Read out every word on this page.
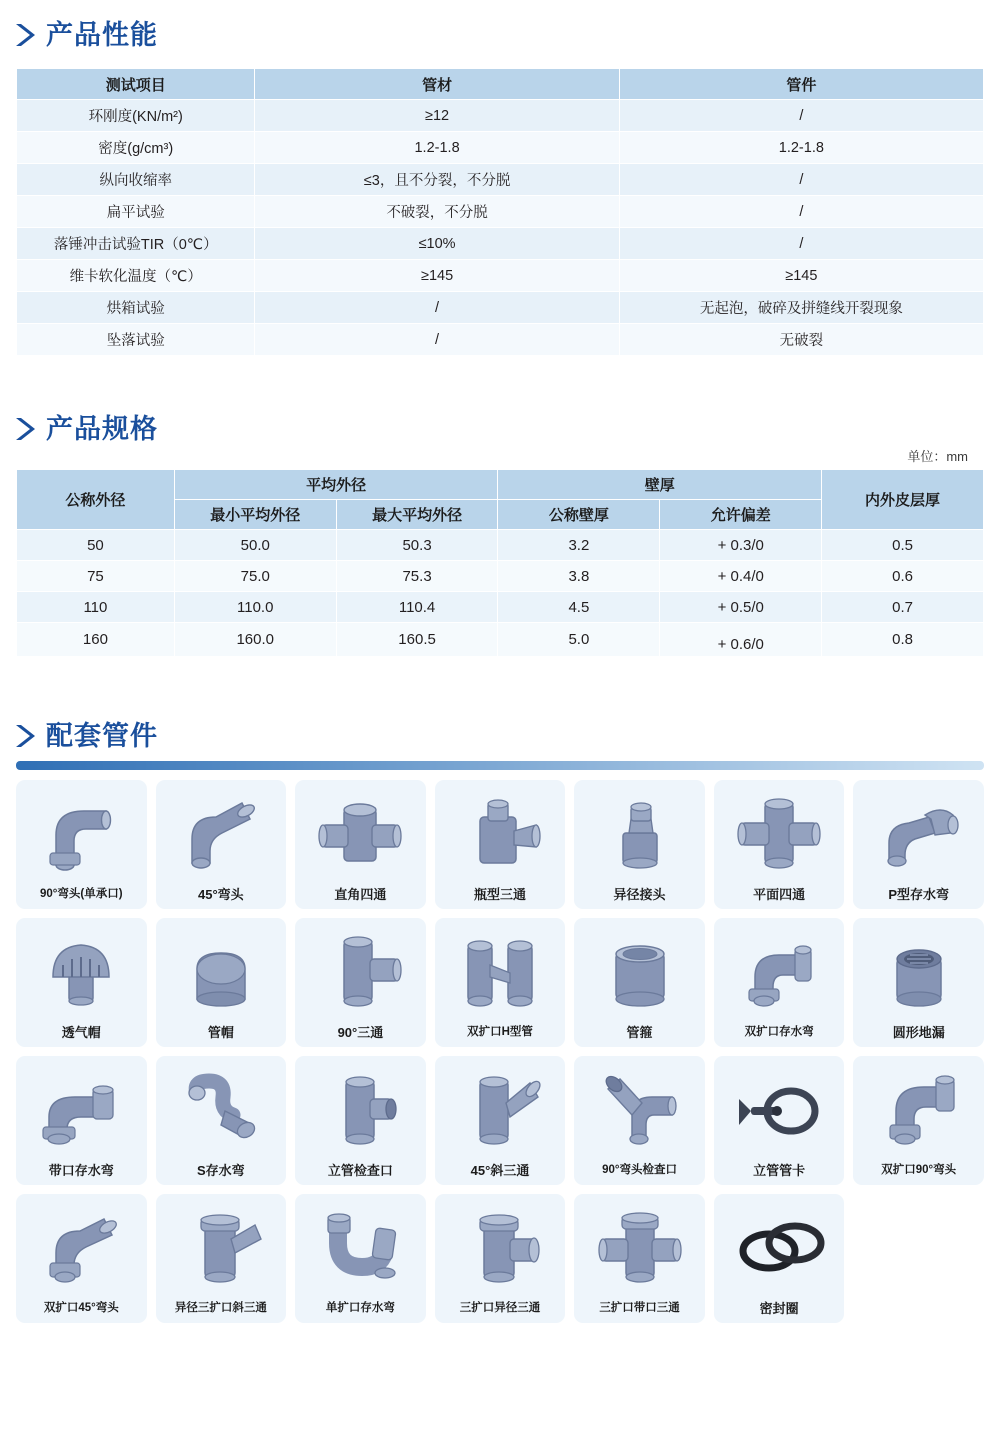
产品性能
测试项目	管材	管件
环刚度(KN/m²)	≥12	/
密度(g/cm³)	1.2-1.8	1.2-1.8
纵向收缩率	≤3，且不分裂，不分脱	/
扁平试验	不破裂，不分脱	/
落锤冲击试验TIR（0℃）	≤10%	/
维卡软化温度（℃）	≥145	≥145
烘箱试验	/	无起泡，破碎及拼缝线开裂现象
坠落试验	/	无破裂
产品规格
单位：mm
公称外径	平均外径		壁厚		内外皮层厚
	最小平均外径	最大平均外径	公称壁厚	允许偏差	
50	50.0	50.3	3.2	+ 0.3/0	0.5
75	75.0	75.3	3.8	+ 0.4/0	0.6
110	110.0	110.4	4.5	+ 0.5/0	0.7
160	160.0	160.5	5.0	+ 0.6/0	0.8
配套管件
90°弯头(单承口)	45°弯头	直角四通	瓶型三通	异径接头	平面四通	P型存水弯
透气帽	管帽	90°三通	双扩口H型管	管箍	双扩口存水弯	圆形地漏
带口存水弯	S存水弯	立管检查口	45°斜三通	90°弯头检查口	立管管卡	双扩口90°弯头
双扩口45°弯头	异径三扩口斜三通	单扩口存水弯	三扩口异径三通	三扩口带口三通	密封圈
